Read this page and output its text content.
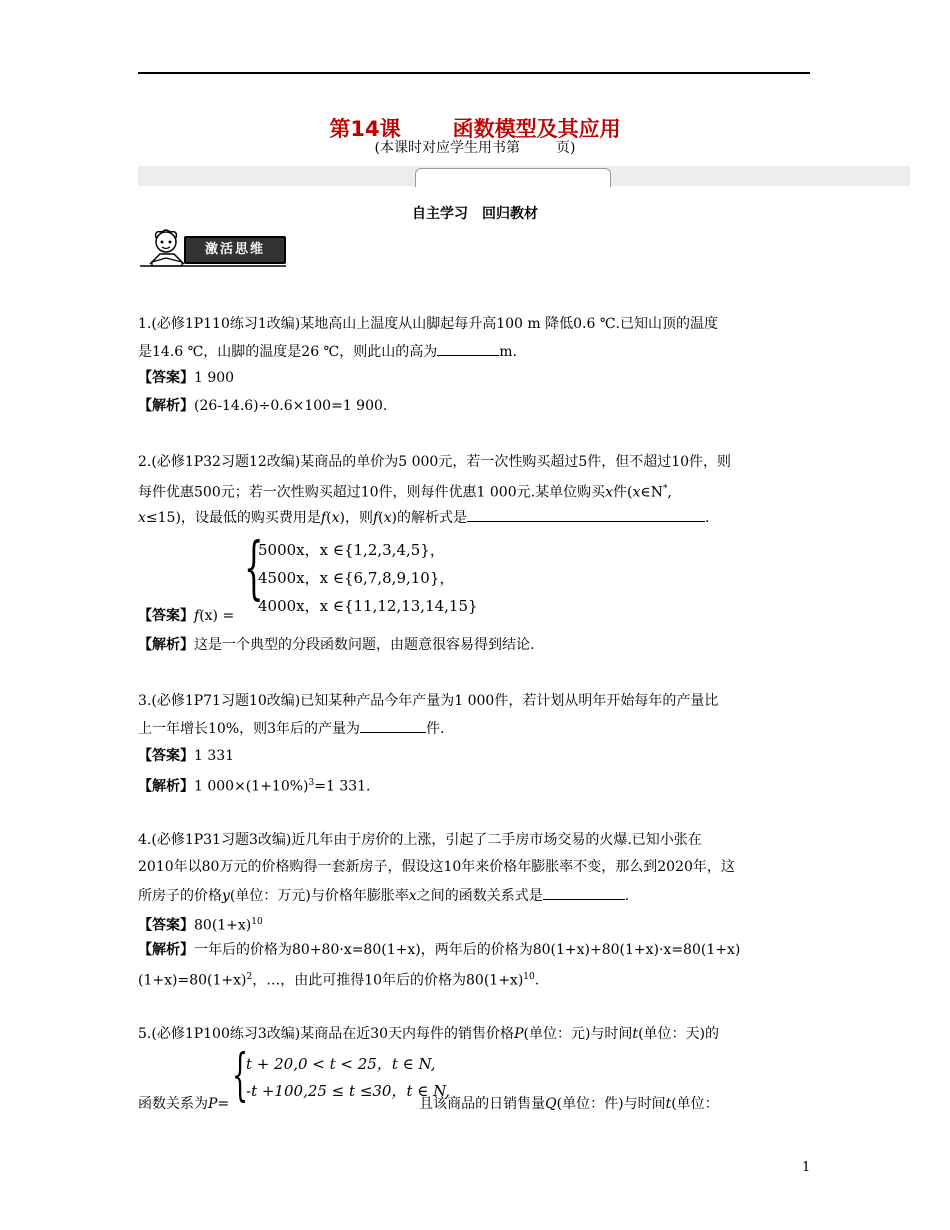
第14课 函数模型及其应用
(本课时对应学生用书第	页)
自主学习 回归教材
激活思维
1.(必修1P110练习1改编)某地高山上温度从山脚起每升高100 m 降低0.6 ℃.已知山顶的温度
是14.6 ℃，山脚的温度是26 ℃，则此山的高为	m.
【答案】1 900
【解析】(26-14.6)÷0.6×100=1 900.
2.(必修1P32习题12改编)某商品的单价为5 000元，若一次性购买超过5件，但不超过10件，则
每件优惠500元；若一次性购买超过10件，则每件优惠1 000元.某单位购买x件(x∈N*,
x≤15)，设最低的购买费用是f(x)，则f(x)的解析式是	.
{
5000x，x ∈{1,2,3,4,5}，
4500x，x ∈{6,7,8,9,10}，
4000x，x ∈{11,12,13,14,15}
【答案】f(x) =
【解析】这是一个典型的分段函数问题，由题意很容易得到结论.
3.(必修1P71习题10改编)已知某种产品今年产量为1 000件，若计划从明年开始每年的产量比
上一年增长10%，则3年后的产量为	件.
【答案】1 331
【解析】1 $000\times(1+10\%)^3=1$ 331.
4.(必修1P31习题3改编)近几年由于房价的上涨，引起了二手房市场交易的火爆.已知小张在
2010年以80万元的价格购得一套新房子，假设这10年来价格年膨胀率不变，那么到2020年，这
所房子的价格y(单位：万元)与价格年膨胀率x之间的函数关系式是	.
【答案】$80(1+x)^{10}$
【解析】一年后的价格为80+80·x=80(1+x)，两年后的价格为80(1+x)+80(1+x)·x=80(1+x)
$(1+x)=80(1+x)^2$，…，由此可推得10年后的价格为$80(1+x)^{10}$.
5.(必修1P100练习3改编)某商品在近30天内每件的销售价格P(单位：元)与时间t(单位：天)的
{
t + 20,0 < t < 25，t ∈ N,
-t +100,25 ≤ t ≤30，t ∈ N,
函数关系为P=	且该商品的日销售量Q(单位：件)与时间t(单位：
1
